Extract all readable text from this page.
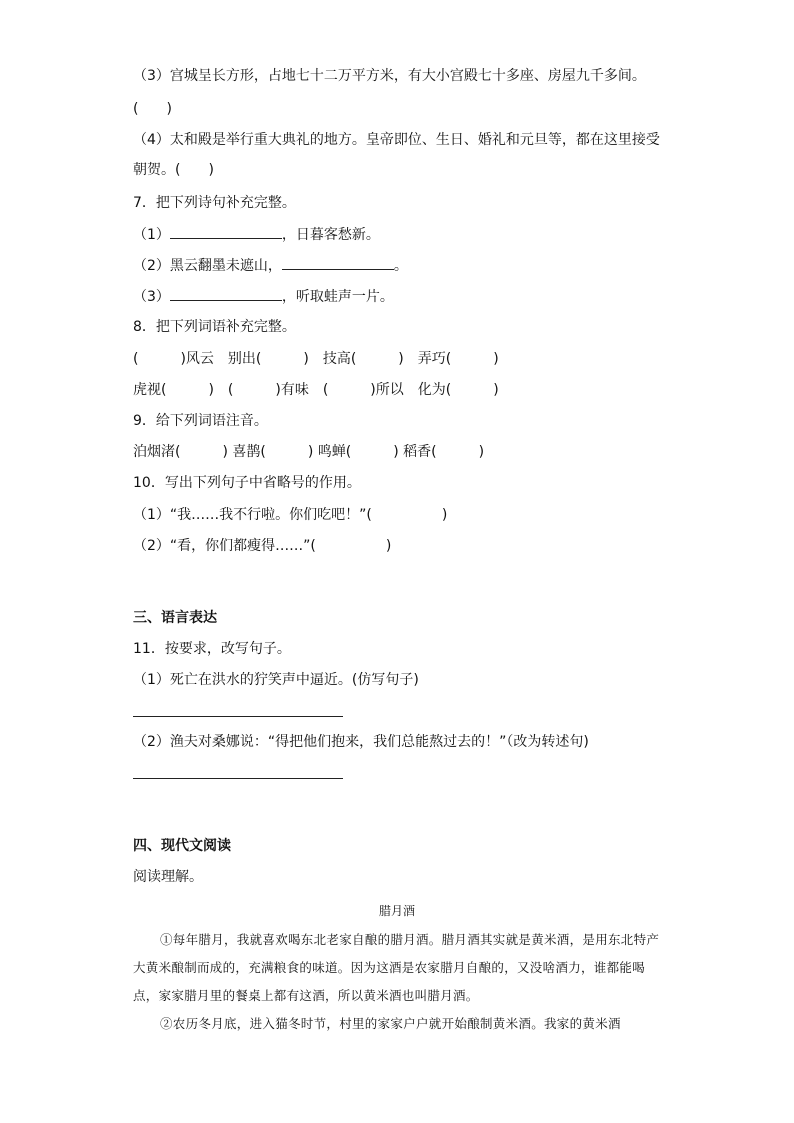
（3）宫城呈长方形，占地七十二万平方米，有大小宫殿七十多座、房屋九千多间。
(　　)
（4）太和殿是举行重大典礼的地方。皇帝即位、生日、婚礼和元旦等，都在这里接受
朝贺。(　　)
7．把下列诗句补充完整。
（1）	，日暮客愁新。
（2）黑云翻墨未遮山，	。
（3）	，听取蛙声一片。
8．把下列词语补充完整。
(　　　)风云　别出(　　　)　技高(　　　)　弄巧(　　　)
虎视(　　　)　(　　　)有味　(　　　)所以　化为(　　　)
9．给下列词语注音。
泊烟渚(　　　) 喜鹊(　　　) 鸣蝉(　　　) 稻香(　　　)
10．写出下列句子中省略号的作用。
（1）“我……我不行啦。你们吃吧！”(　　　　　)
（2）“看，你们都瘦得……”(　　　　　)
三、语言表达
11．按要求，改写句子。
（1）死亡在洪水的狞笑声中逼近。(仿写句子)
（2）渔夫对桑娜说：“得把他们抱来，我们总能熬过去的！”（改为转述句)
四、现代文阅读
阅读理解。
腊月酒

①每年腊月，我就喜欢喝东北老家自酿的腊月酒。腊月酒其实就是黄米酒，是用东北特产大黄米酿制而成的，充满粮食的味道。因为这酒是农家腊月自酿的，又没啥酒力，谁都能喝点，家家腊月里的餐桌上都有这酒，所以黄米酒也叫腊月酒。

②农历冬月底，进入猫冬时节，村里的家家户户就开始酿制黄米酒。我家的黄米酒
